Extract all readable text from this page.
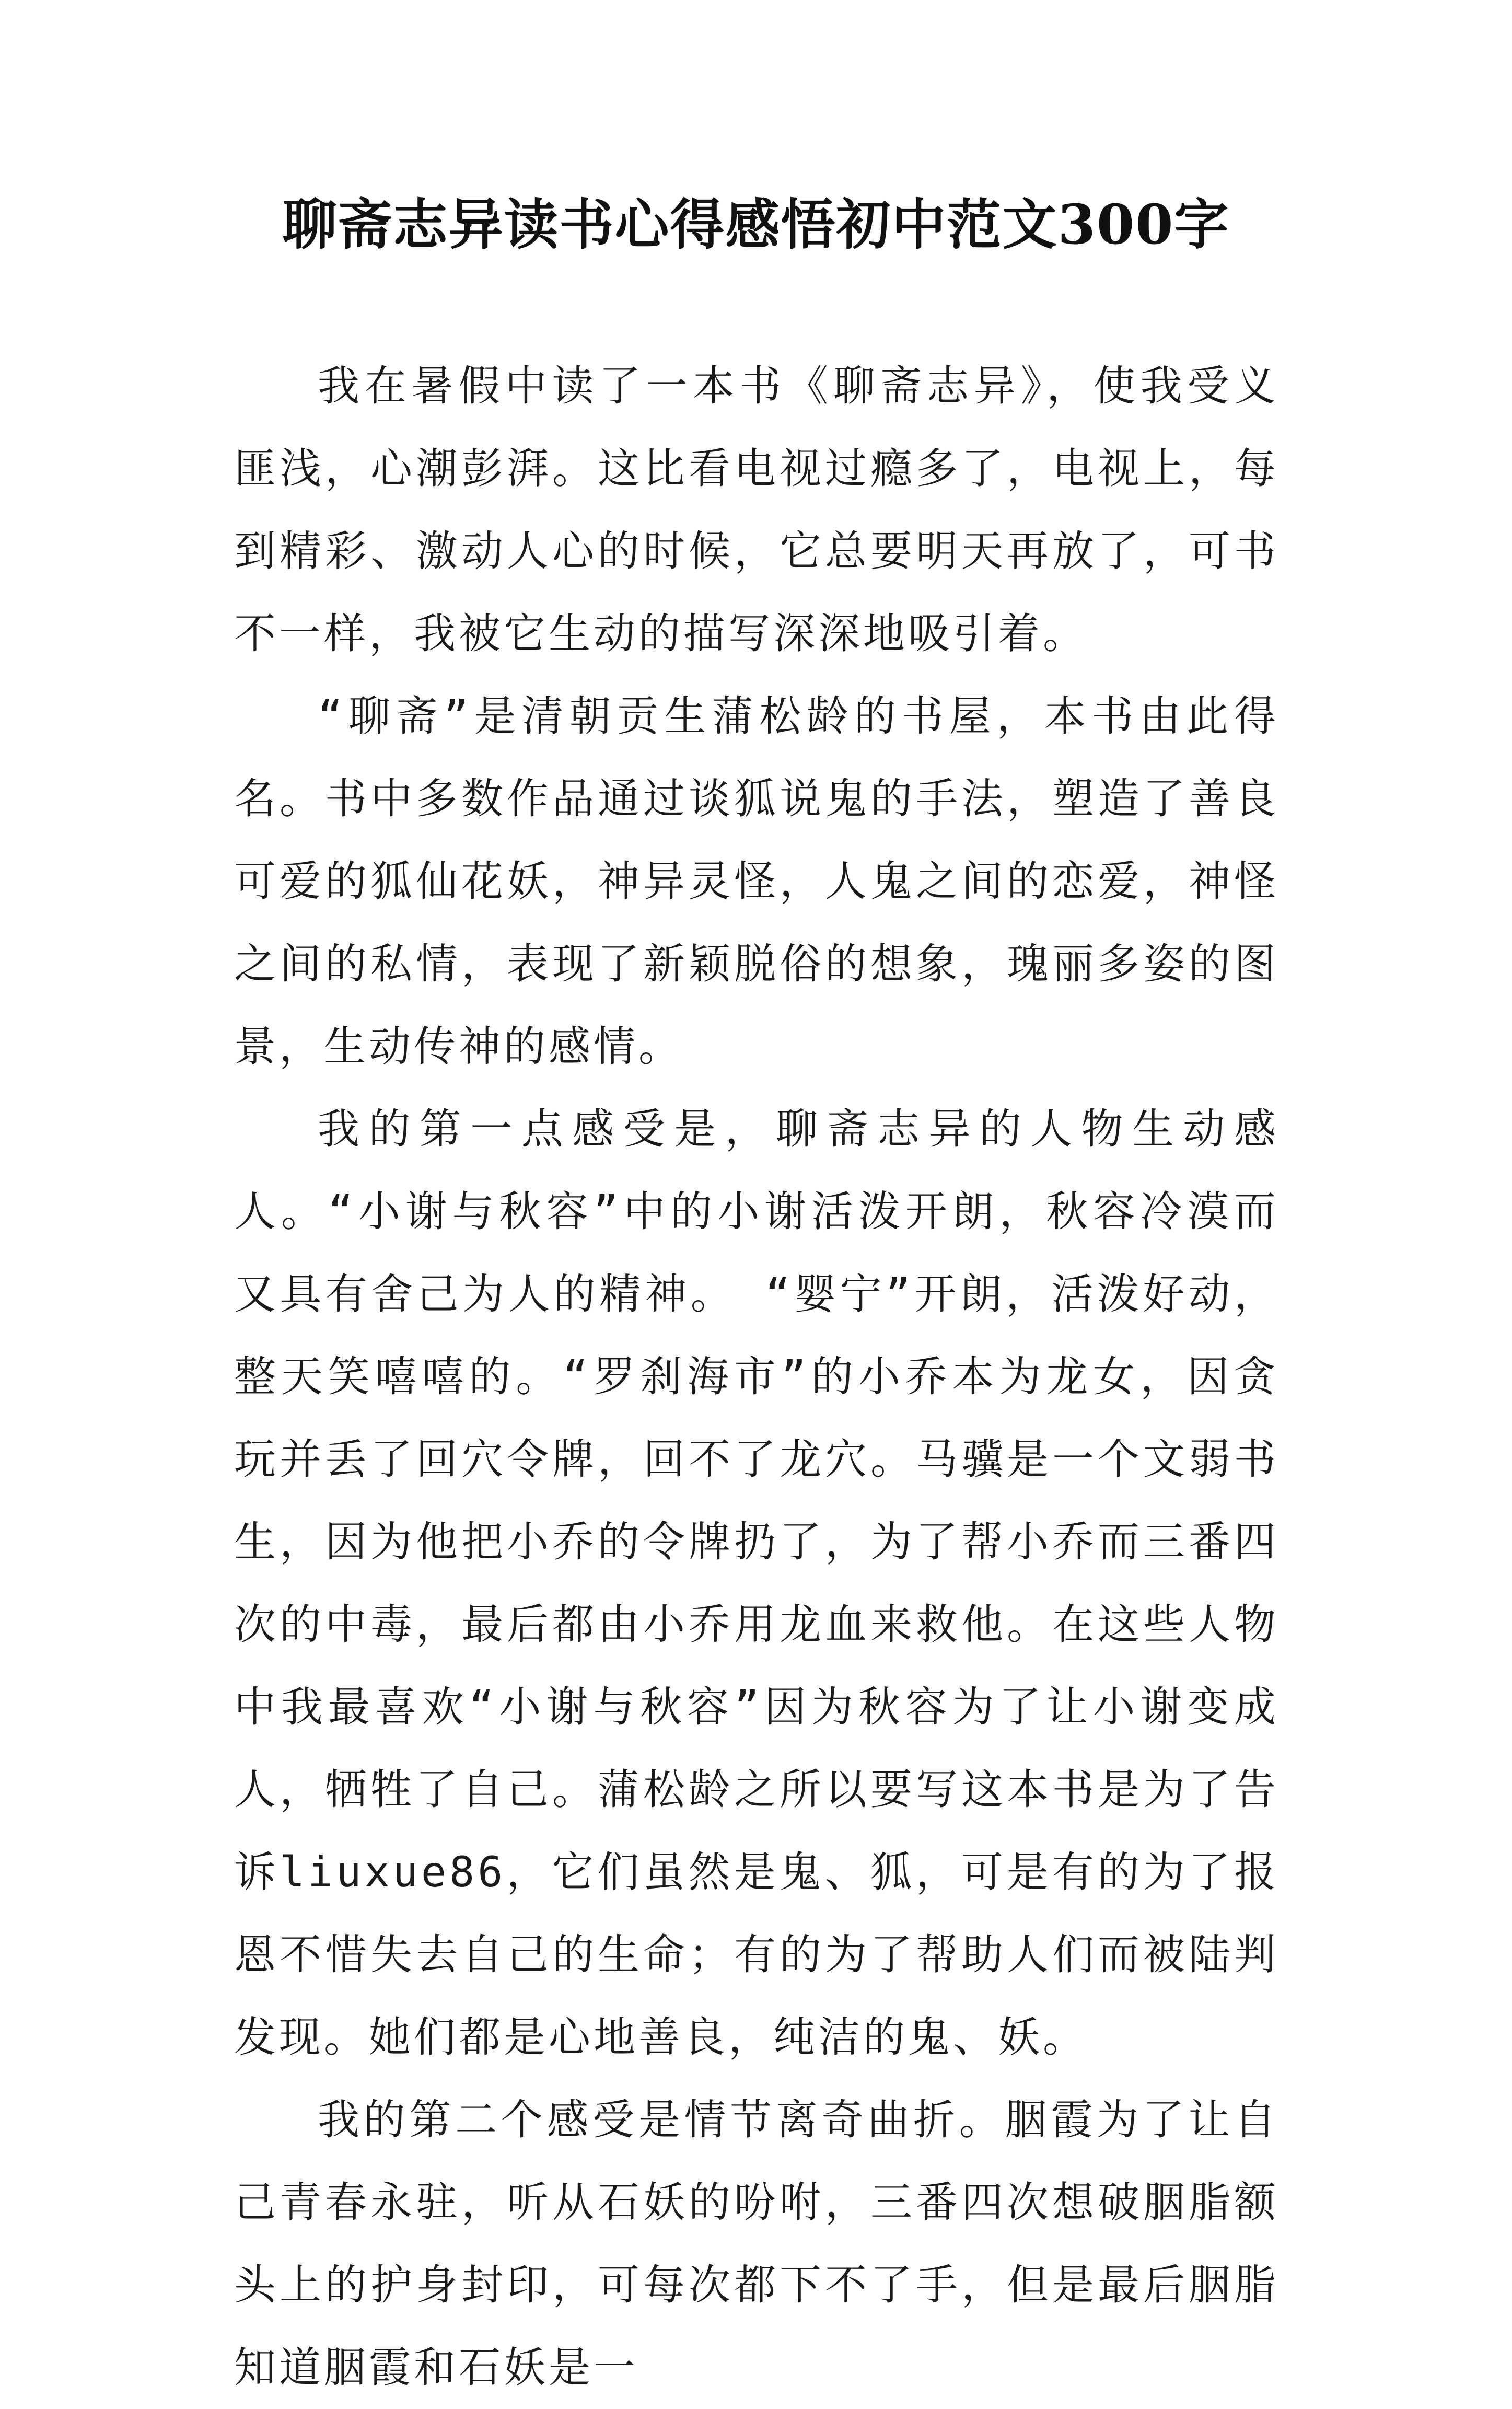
聊斋志异读书心得感悟初中范文300字

我在暑假中读了一本书《聊斋志异》，使我受义匪浅，心潮彭湃。这比看电视过瘾多了，电视上，每到精彩、激动人心的时候，它总要明天再放了，可书不一样，我被它生动的描写深深地吸引着。

“聊斋”是清朝贡生蒲松龄的书屋，本书由此得名。书中多数作品通过谈狐说鬼的手法，塑造了善良可爱的狐仙花妖，神异灵怪，人鬼之间的恋爱，神怪之间的私情，表现了新颖脱俗的想象，瑰丽多姿的图景，生动传神的感情。

我的第一点感受是，聊斋志异的人物生动感人。“小谢与秋容”中的小谢活泼开朗，秋容冷漠而又具有舍己为人的精神。 “婴宁”开朗，活泼好动，整天笑嘻嘻的。“罗刹海市”的小乔本为龙女，因贪玩并丢了回穴令牌，回不了龙穴。马骥是一个文弱书生，因为他把小乔的令牌扔了，为了帮小乔而三番四次的中毒，最后都由小乔用龙血来救他。在这些人物中我最喜欢“小谢与秋容”因为秋容为了让小谢变成人，牺牲了自己。蒲松龄之所以要写这本书是为了告诉liuxue86，它们虽然是鬼、狐，可是有的为了报恩不惜失去自己的生命；有的为了帮助人们而被陆判发现。她们都是心地善良，纯洁的鬼、妖。

我的第二个感受是情节离奇曲折。胭霞为了让自己青春永驻，听从石妖的吩咐，三番四次想破胭脂额头上的护身封印，可每次都下不了手，但是最后胭脂知道胭霞和石妖是一
